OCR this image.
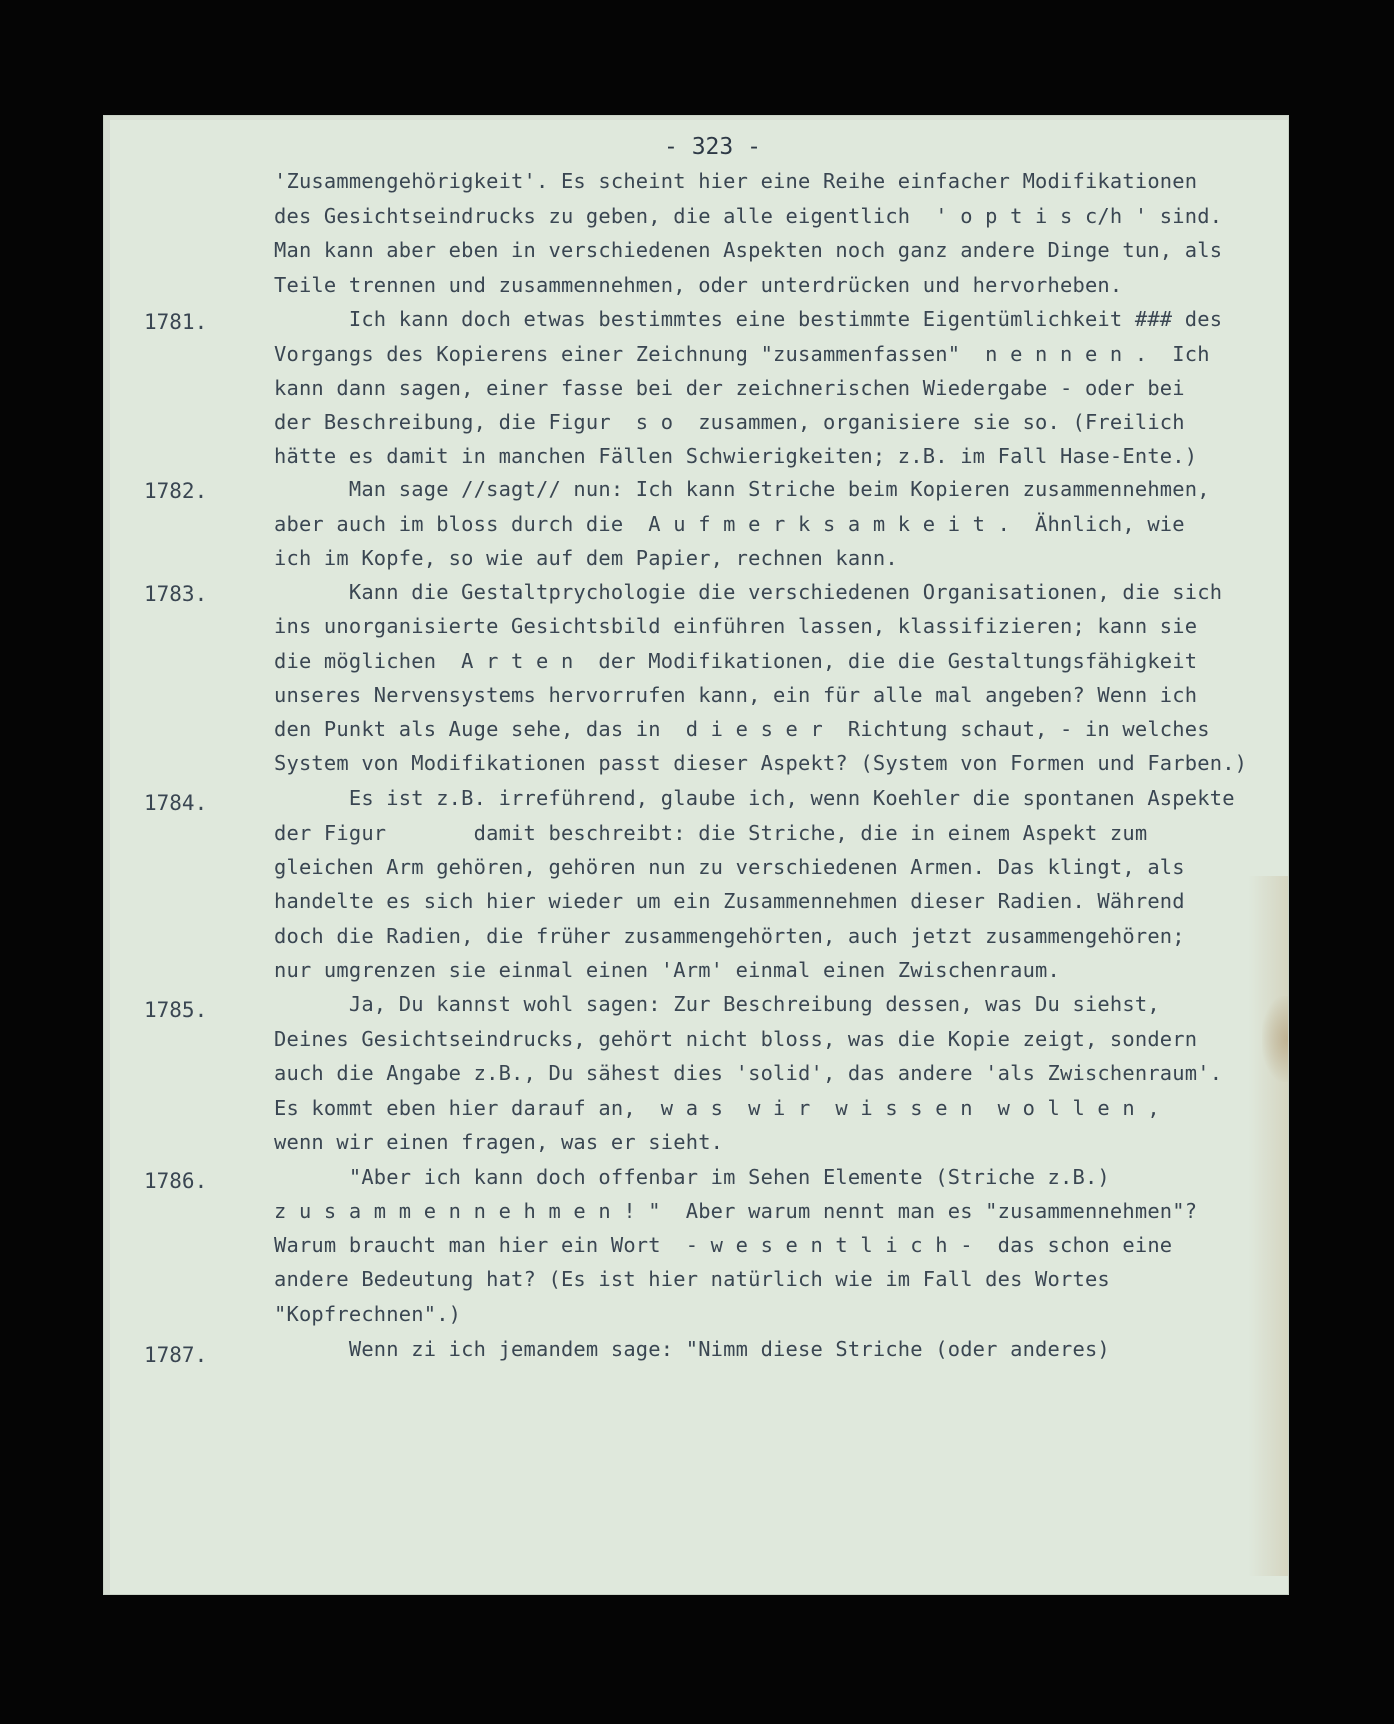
- 323 -
1781.
1782.
1783.
1784.
1785.
1786.
1787.
'Zusammengehörigkeit'. Es scheint hier eine Reihe einfacher Modifikationen
des Gesichtseindrucks zu geben, die alle eigentlich  ' o p t i s c/h ' sind.
Man kann aber eben in verschiedenen Aspekten noch ganz andere Dinge tun, als
Teile trennen und zusammennehmen, oder unterdrücken und hervorheben.
Ich kann doch etwas bestimmtes eine bestimmte Eigentümlichkeit ### des
Vorgangs des Kopierens einer Zeichnung "zusammenfassen"  n e n n e n .  Ich
kann dann sagen, einer fasse bei der zeichnerischen Wiedergabe - oder bei
der Beschreibung, die Figur  s o  zusammen, organisiere sie so. (Freilich
hätte es damit in manchen Fällen Schwierigkeiten; z.B. im Fall Hase-Ente.)
Man sage //sagt// nun: Ich kann Striche beim Kopieren zusammennehmen,
aber auch im bloss durch die  A u f m e r k s a m k e i t .  Ähnlich, wie
ich im Kopfe, so wie auf dem Papier, rechnen kann.
Kann die Gestaltprychologie die verschiedenen Organisationen, die sich
ins unorganisierte Gesichtsbild einführen lassen, klassifizieren; kann sie
die möglichen  A r t e n  der Modifikationen, die die Gestaltungsfähigkeit
unseres Nervensystems hervorrufen kann, ein für alle mal angeben? Wenn ich
den Punkt als Auge sehe, das in  d i e s e r  Richtung schaut, - in welches
System von Modifikationen passt dieser Aspekt? (System von Formen und Farben.)
Es ist z.B. irreführend, glaube ich, wenn Koehler die spontanen Aspekte
der Figur       damit beschreibt: die Striche, die in einem Aspekt zum
gleichen Arm gehören, gehören nun zu verschiedenen Armen. Das klingt, als
handelte es sich hier wieder um ein Zusammennehmen dieser Radien. Während
doch die Radien, die früher zusammengehörten, auch jetzt zusammengehören;
nur umgrenzen sie einmal einen 'Arm' einmal einen Zwischenraum.
Ja, Du kannst wohl sagen: Zur Beschreibung dessen, was Du siehst,
Deines Gesichtseindrucks, gehört nicht bloss, was die Kopie zeigt, sondern
auch die Angabe z.B., Du sähest dies 'solid', das andere 'als Zwischenraum'.
Es kommt eben hier darauf an,  w a s  w i r  w i s s e n  w o l l e n ,
wenn wir einen fragen, was er sieht.
"Aber ich kann doch offenbar im Sehen Elemente (Striche z.B.)
z u s a m m e n n e h m e n ! "  Aber warum nennt man es "zusammennehmen"?
Warum braucht man hier ein Wort  - w e s e n t l i c h -  das schon eine
andere Bedeutung hat? (Es ist hier natürlich wie im Fall des Wortes
"Kopfrechnen".)
Wenn zi ich jemandem sage: "Nimm diese Striche (oder anderes)
